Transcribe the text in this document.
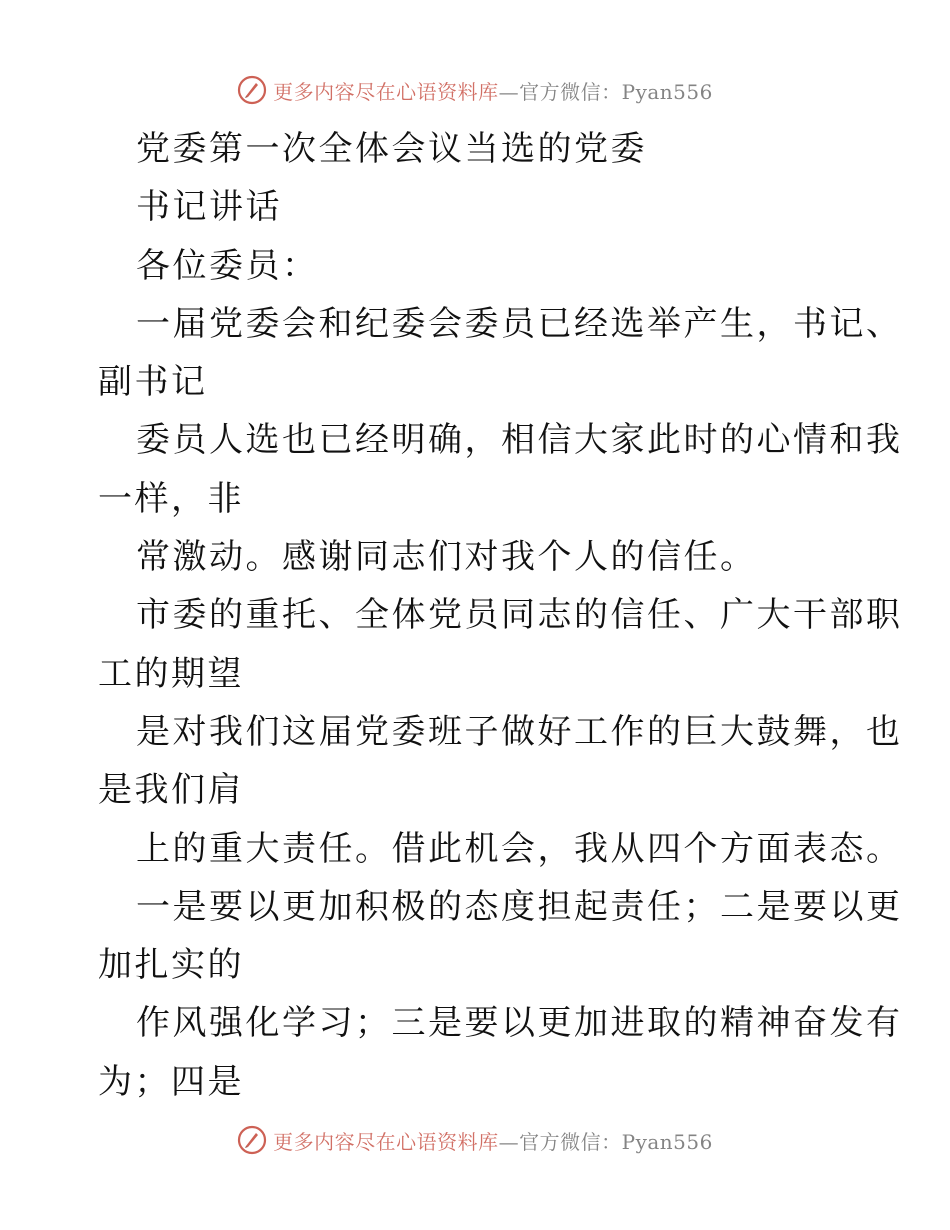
更多内容尽在心语资料库—官方微信：Pyan556

党委第一次全体会议当选的党委

书记讲话

各位委员：

一届党委会和纪委会委员已经选举产生，书记、

副书记

委员人选也已经明确，相信大家此时的心情和我

一样，非

常激动。感谢同志们对我个人的信任。

市委的重托、全体党员同志的信任、广大干部职

工的期望

是对我们这届党委班子做好工作的巨大鼓舞，也

是我们肩

上的重大责任。借此机会，我从四个方面表态。

一是要以更加积极的态度担起责任；二是要以更

加扎实的

作风强化学习；三是要以更加进取的精神奋发有

为；四是

更多内容尽在心语资料库—官方微信：Pyan556
